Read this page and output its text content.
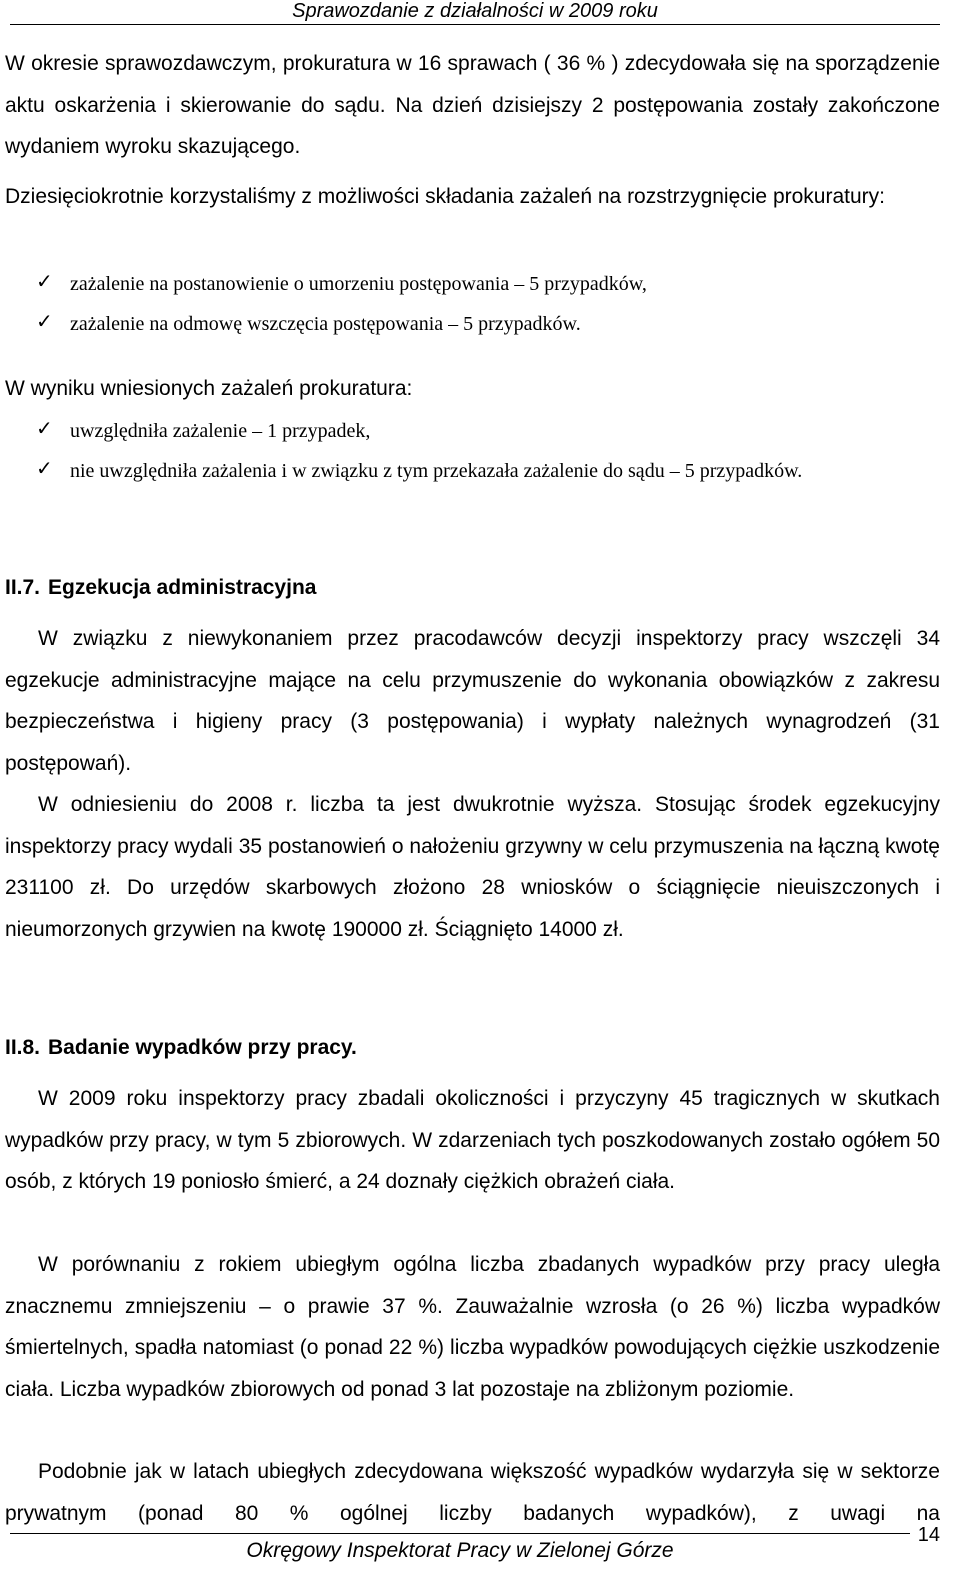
Sprawozdanie z działalności w 2009 roku
W okresie sprawozdawczym, prokuratura w 16 sprawach ( 36 % ) zdecydowała się na sporządzenie aktu oskarżenia i skierowanie do sądu. Na dzień dzisiejszy 2 postępowania zostały zakończone wydaniem wyroku skazującego.
Dziesięciokrotnie korzystaliśmy z możliwości składania zażaleń na rozstrzygnięcie prokuratury:
✓ zażalenie na postanowienie o umorzeniu postępowania – 5 przypadków,
✓ zażalenie na odmowę wszczęcia postępowania – 5 przypadków.
W wyniku wniesionych zażaleń prokuratura:
✓ uwzględniła zażalenie – 1 przypadek,
✓ nie uwzględniła zażalenia i w związku z tym przekazała zażalenie do sądu – 5 przypadków.
II.7. Egzekucja administracyjna
W związku z niewykonaniem przez pracodawców decyzji inspektorzy pracy wszczęli 34 egzekucje administracyjne mające na celu przymuszenie do wykonania obowiązków z zakresu bezpieczeństwa i higieny pracy (3 postępowania) i wypłaty należnych wynagrodzeń (31 postępowań).
W odniesieniu do 2008 r. liczba ta jest dwukrotnie wyższa. Stosując środek egzekucyjny inspektorzy pracy wydali 35 postanowień o nałożeniu grzywny w celu przymuszenia na łączną kwotę 231100 zł. Do urzędów skarbowych złożono 28 wniosków o ściągnięcie nieuiszczonych i nieumorzonych grzywien na kwotę 190000 zł. Ściągnięto 14000 zł.
II.8. Badanie wypadków przy pracy.
W 2009 roku inspektorzy pracy zbadali okoliczności i przyczyny 45 tragicznych w skutkach wypadków przy pracy, w tym 5 zbiorowych. W zdarzeniach tych poszkodowanych zostało ogółem 50 osób, z których 19 poniosło śmierć, a 24 doznały ciężkich obrażeń ciała.
W porównaniu z rokiem ubiegłym ogólna liczba zbadanych wypadków przy pracy uległa znacznemu zmniejszeniu – o prawie 37 %. Zauważalnie wzrosła (o 26 %) liczba wypadków śmiertelnych, spadła natomiast (o ponad 22 %) liczba wypadków powodujących ciężkie uszkodzenie ciała. Liczba wypadków zbiorowych od ponad 3 lat pozostaje na zbliżonym poziomie.
Podobnie jak w latach ubiegłych zdecydowana większość wypadków wydarzyła się w sektorze prywatnym (ponad 80 % ogólnej liczby badanych wypadków), z uwagi na
Okręgowy Inspektorat Pracy w Zielonej Górze
14
